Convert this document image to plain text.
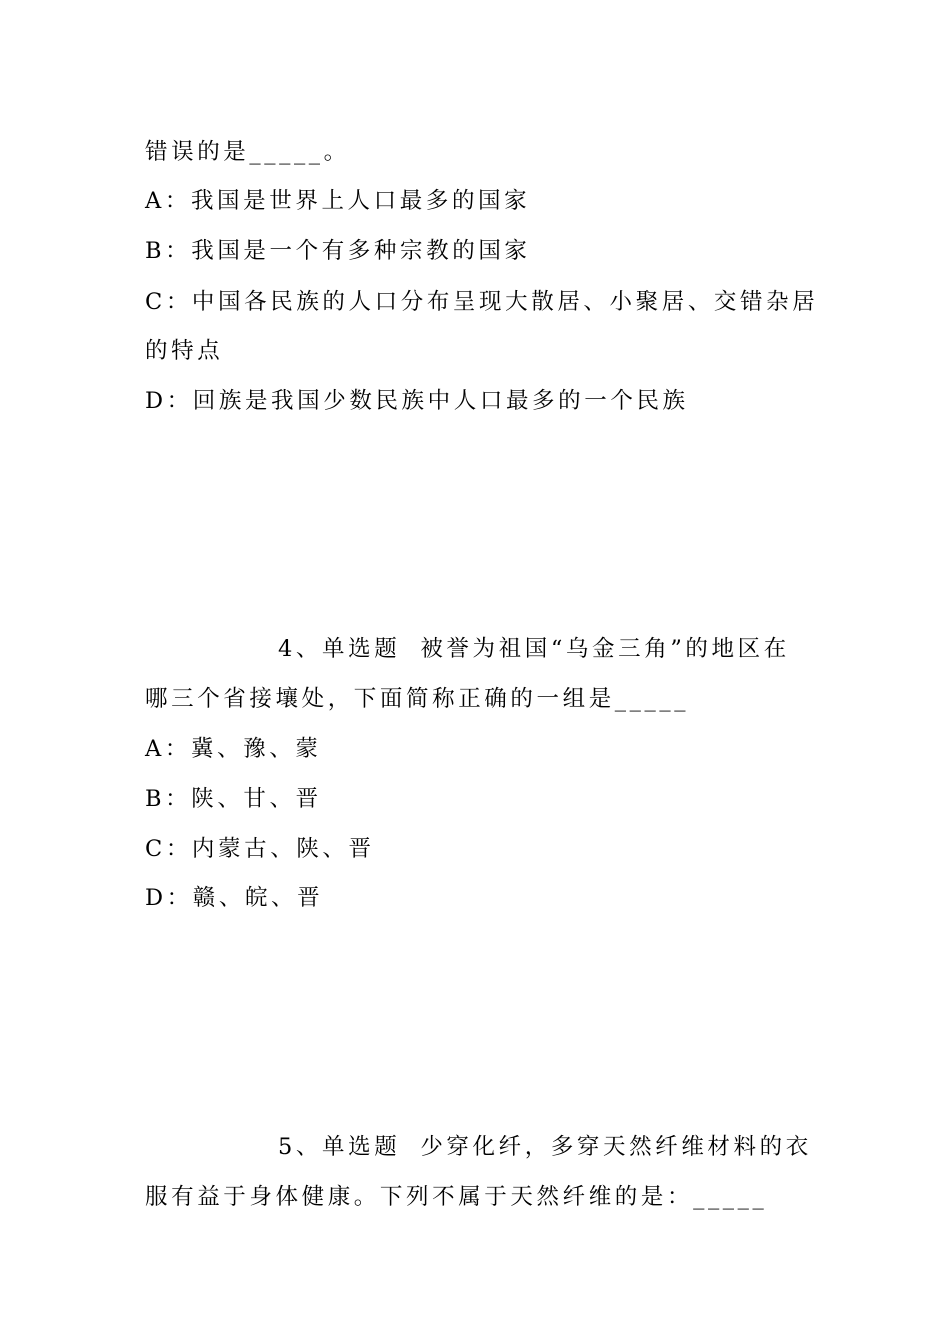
错误的是_____。
A：我国是世界上人口最多的国家
B：我国是一个有多种宗教的国家
C：中国各民族的人口分布呈现大散居、小聚居、交错杂居
的特点
D：回族是我国少数民族中人口最多的一个民族
4、单选题 被誉为祖国“乌金三角”的地区在
哪三个省接壤处，下面简称正确的一组是_____
A：冀、豫、蒙
B：陕、甘、晋
C：内蒙古、陕、晋
D：赣、皖、晋
5、单选题 少穿化纤，多穿天然纤维材料的衣
服有益于身体健康。下列不属于天然纤维的是：_____
